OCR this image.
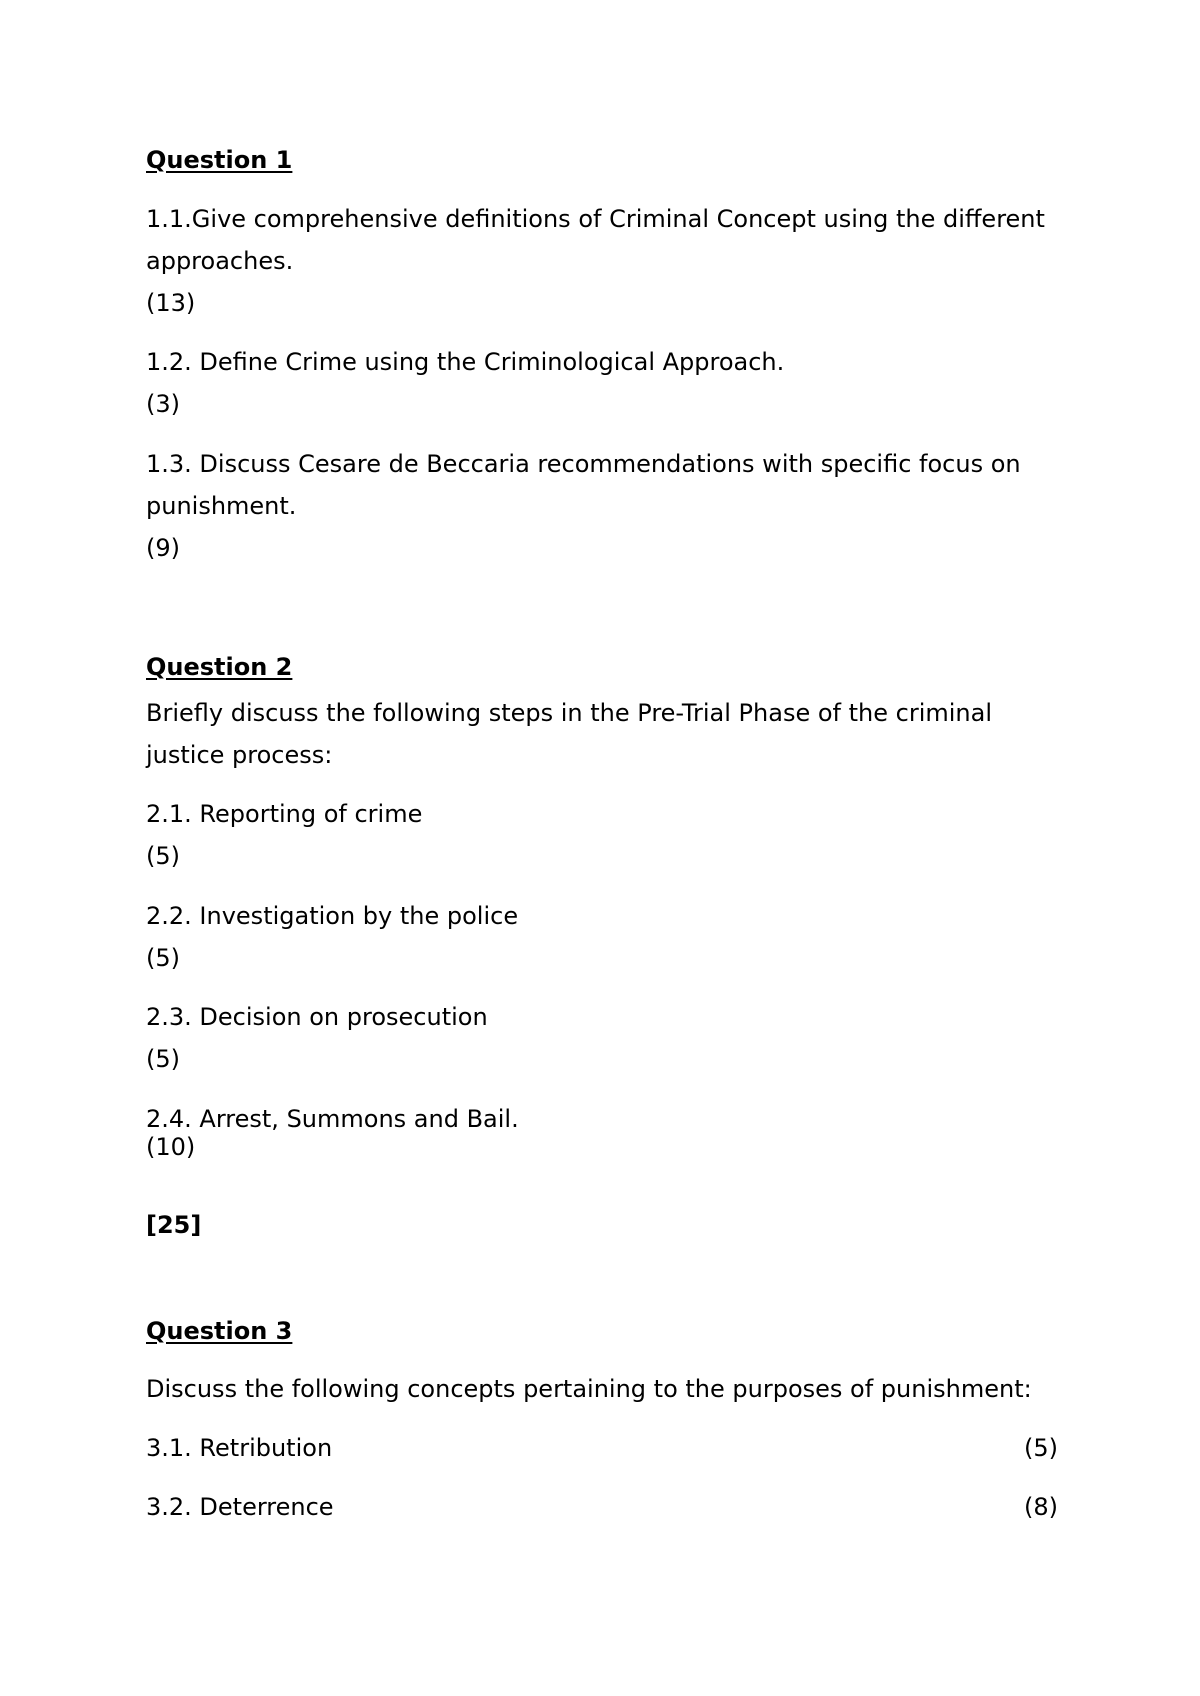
Question 1
1.1.Give comprehensive definitions of Criminal Concept using the different
approaches.
(13)
1.2. Define Crime using the Criminological Approach.
(3)
1.3. Discuss Cesare de Beccaria recommendations with specific focus on
punishment.
(9)
Question 2
Briefly discuss the following steps in the Pre-Trial Phase of the criminal
justice process:
2.1. Reporting of crime
(5)
2.2. Investigation by the police
(5)
2.3. Decision on prosecution
(5)
2.4. Arrest, Summons and Bail.
(10)
[25]
Question 3
Discuss the following concepts pertaining to the purposes of punishment:
3.1. Retribution	(5)
3.2. Deterrence	(8)
